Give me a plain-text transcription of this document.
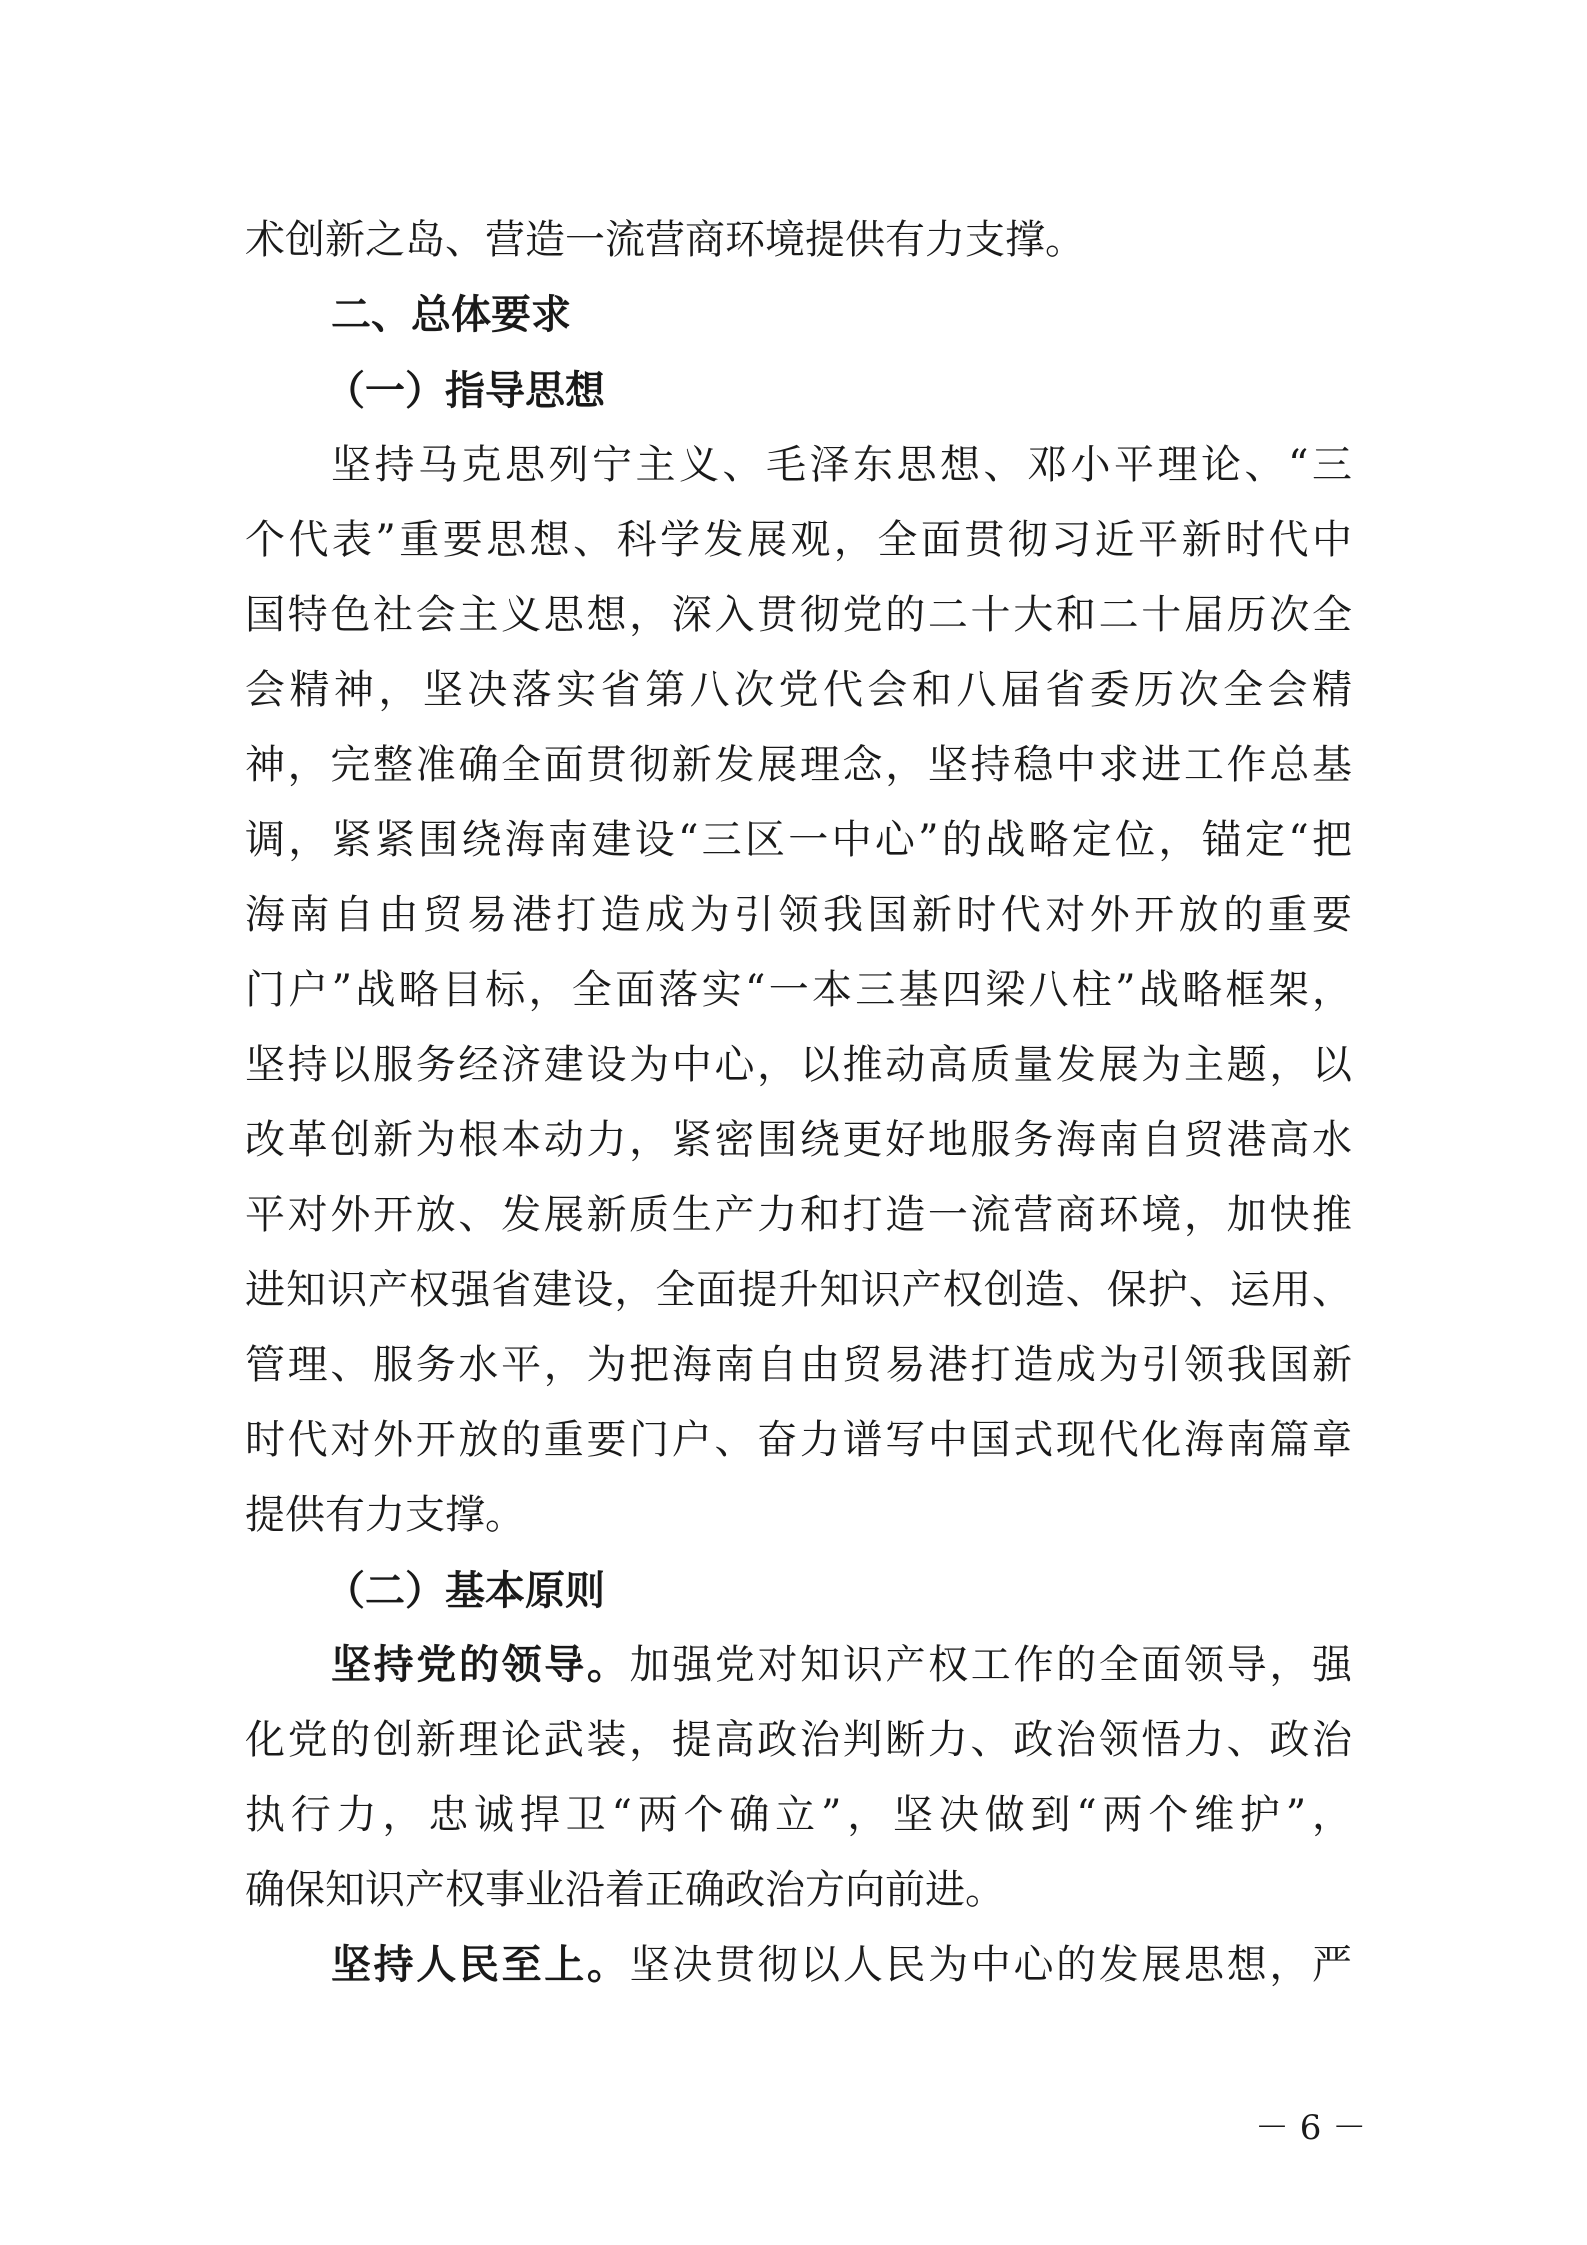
术创新之岛、营造一流营商环境提供有力支撑。
二、总体要求
（一）指导思想
坚持马克思列宁主义、毛泽东思想、邓小平理论、“三
个代表”重要思想、科学发展观，全面贯彻习近平新时代中
国特色社会主义思想，深入贯彻党的二十大和二十届历次全
会精神，坚决落实省第八次党代会和八届省委历次全会精
神，完整准确全面贯彻新发展理念，坚持稳中求进工作总基
调，紧紧围绕海南建设“三区一中心”的战略定位，锚定“把
海南自由贸易港打造成为引领我国新时代对外开放的重要
门户”战略目标，全面落实“一本三基四梁八柱”战略框架，
坚持以服务经济建设为中心，以推动高质量发展为主题，以
改革创新为根本动力，紧密围绕更好地服务海南自贸港高水
平对外开放、发展新质生产力和打造一流营商环境，加快推
进知识产权强省建设，全面提升知识产权创造、保护、运用、
管理、服务水平，为把海南自由贸易港打造成为引领我国新
时代对外开放的重要门户、奋力谱写中国式现代化海南篇章
提供有力支撑。
（二）基本原则
坚持党的领导。加强党对知识产权工作的全面领导，强
化党的创新理论武装，提高政治判断力、政治领悟力、政治
执行力，忠诚捍卫“两个确立”，坚决做到“两个维护”，
确保知识产权事业沿着正确政治方向前进。
坚持人民至上。坚决贯彻以人民为中心的发展思想，严
－ 6 －
